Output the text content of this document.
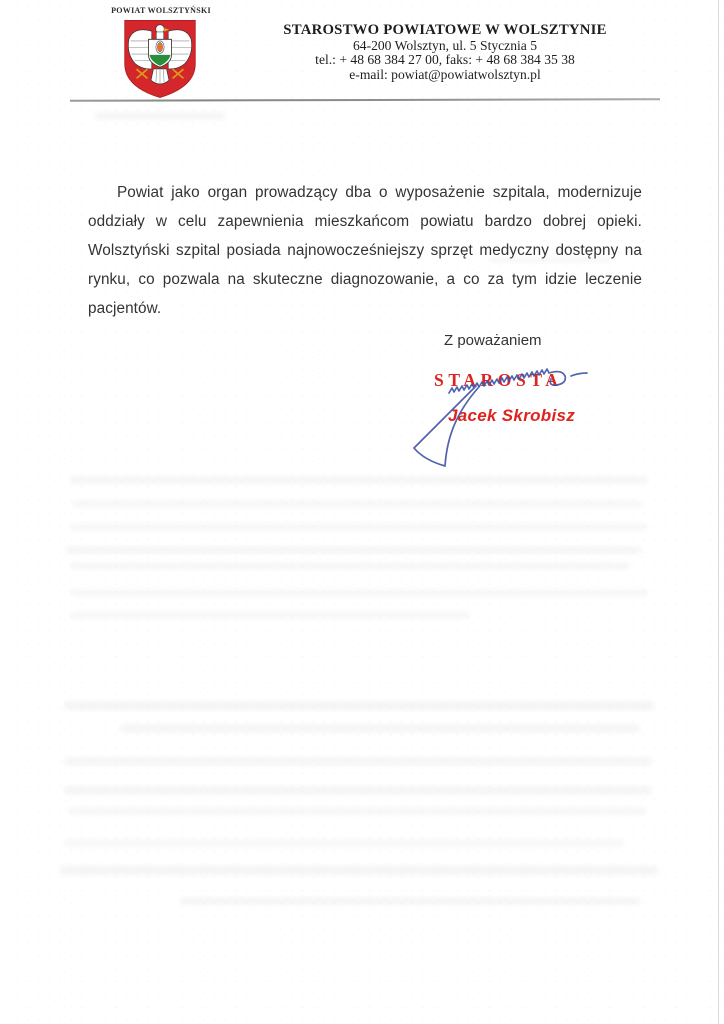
POWIAT WOLSZTYŃSKI
STAROSTWO POWIATOWE W WOLSZTYNIE
64-200 Wolsztyn, ul. 5 Stycznia 5
tel.: + 48 68 384 27 00, faks: + 48 68 384 35 38
e-mail: powiat@powiatwolsztyn.pl

Powiat jako organ prowadzący dba o wyposażenie szpitala, modernizuje oddziały w celu zapewnienia mieszkańcom powiatu bardzo dobrej opieki. Wolsztyński szpital posiada najnowocześniejszy sprzęt medyczny dostępny na rynku, co pozwala na skuteczne diagnozowanie, a co za tym idzie leczenie pacjentów.

Z poważaniem
STAROSTA
Jacek Skrobisz
